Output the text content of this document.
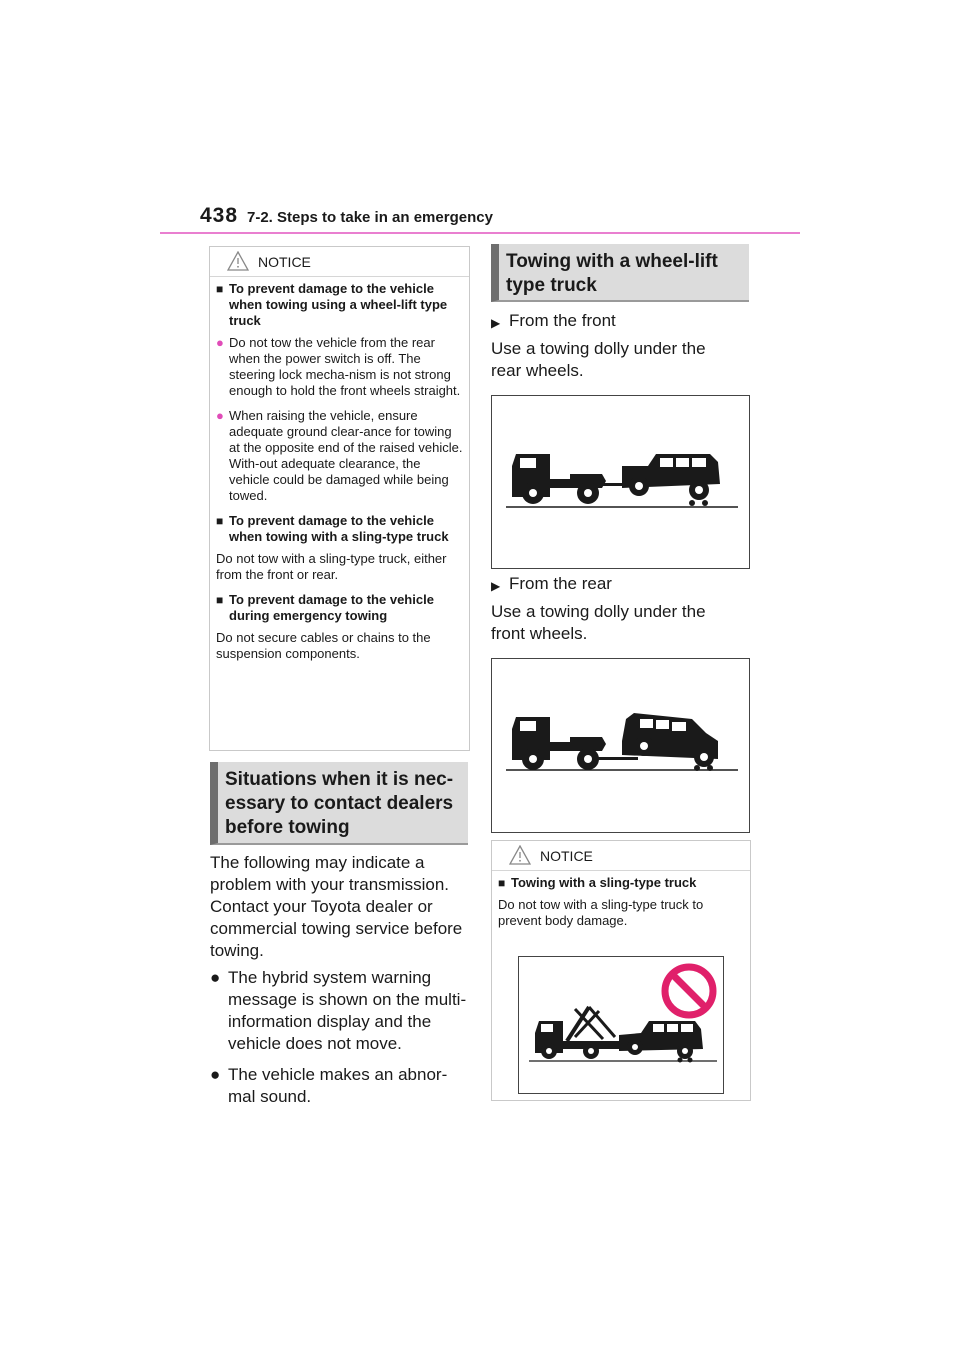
438 7-2. Steps to take in an emergency
NOTICE
■ To prevent damage to the vehicle when towing using a wheel-lift type truck
● Do not tow the vehicle from the rear when the power switch is off. The steering lock mecha-nism is not strong enough to hold the front wheels straight.
● When raising the vehicle, ensure adequate ground clear-ance for towing at the opposite end of the raised vehicle. With-out adequate clearance, the vehicle could be damaged while being towed.
■ To prevent damage to the vehicle when towing with a sling-type truck
Do not tow with a sling-type truck, either from the front or rear.
■ To prevent damage to the vehicle during emergency towing
Do not secure cables or chains to the suspension components.
Situations when it is nec-essary to contact dealers before towing
The following may indicate a problem with your transmission. Contact your Toyota dealer or commercial towing service before towing.
● The hybrid system warning message is shown on the multi-information display and the vehicle does not move.
● The vehicle makes an abnor-mal sound.
Towing with a wheel-lift type truck
▶ From the front
Use a towing dolly under the rear wheels.
▶ From the rear
Use a towing dolly under the front wheels.
NOTICE
■ Towing with a sling-type truck
Do not tow with a sling-type truck to prevent body damage.
